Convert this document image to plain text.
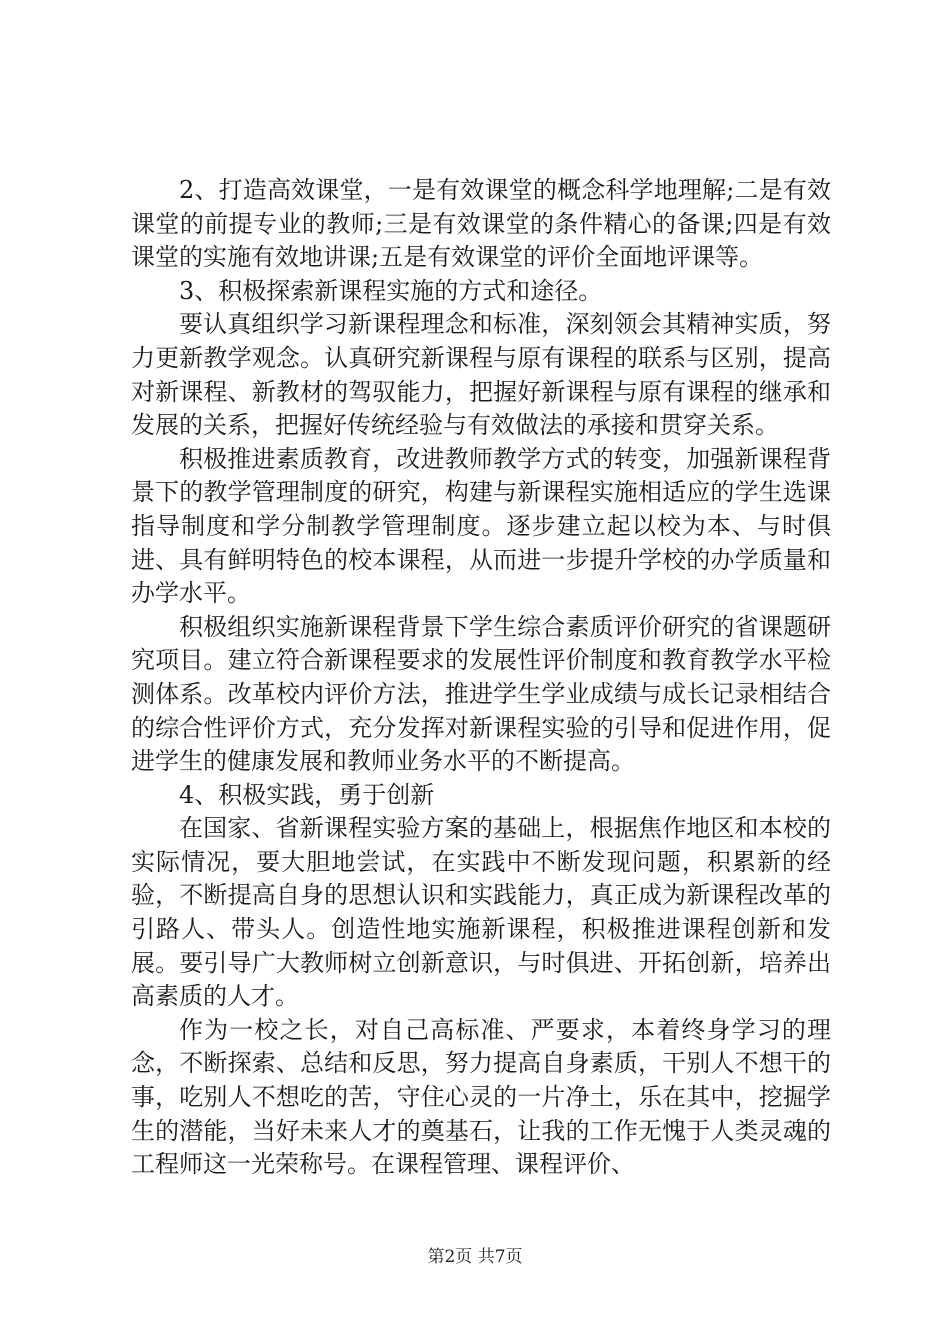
2、打造高效课堂，一是有效课堂的概念科学地理解;二是有效课堂的前提专业的教师;三是有效课堂的条件精心的备课;四是有效课堂的实施有效地讲课;五是有效课堂的评价全面地评课等。

3、积极探索新课程实施的方式和途径。

要认真组织学习新课程理念和标准，深刻领会其精神实质，努力更新教学观念。认真研究新课程与原有课程的联系与区别，提高对新课程、新教材的驾驭能力，把握好新课程与原有课程的继承和发展的关系，把握好传统经验与有效做法的承接和贯穿关系。

积极推进素质教育，改进教师教学方式的转变，加强新课程背景下的教学管理制度的研究，构建与新课程实施相适应的学生选课指导制度和学分制教学管理制度。逐步建立起以校为本、与时俱进、具有鲜明特色的校本课程，从而进一步提升学校的办学质量和办学水平。

积极组织实施新课程背景下学生综合素质评价研究的省课题研究项目。建立符合新课程要求的发展性评价制度和教育教学水平检测体系。改革校内评价方法，推进学生学业成绩与成长记录相结合的综合性评价方式，充分发挥对新课程实验的引导和促进作用，促进学生的健康发展和教师业务水平的不断提高。

4、积极实践，勇于创新

在国家、省新课程实验方案的基础上，根据焦作地区和本校的实际情况，要大胆地尝试，在实践中不断发现问题，积累新的经验，不断提高自身的思想认识和实践能力，真正成为新课程改革的引路人、带头人。创造性地实施新课程，积极推进课程创新和发展。要引导广大教师树立创新意识，与时俱进、开拓创新，培养出高素质的人才。

作为一校之长，对自己高标准、严要求，本着终身学习的理念，不断探索、总结和反思，努力提高自身素质，干别人不想干的事，吃别人不想吃的苦，守住心灵的一片净土，乐在其中，挖掘学生的潜能，当好未来人才的奠基石，让我的工作无愧于人类灵魂的工程师这一光荣称号。在课程管理、课程评价、

第2页 共7页
